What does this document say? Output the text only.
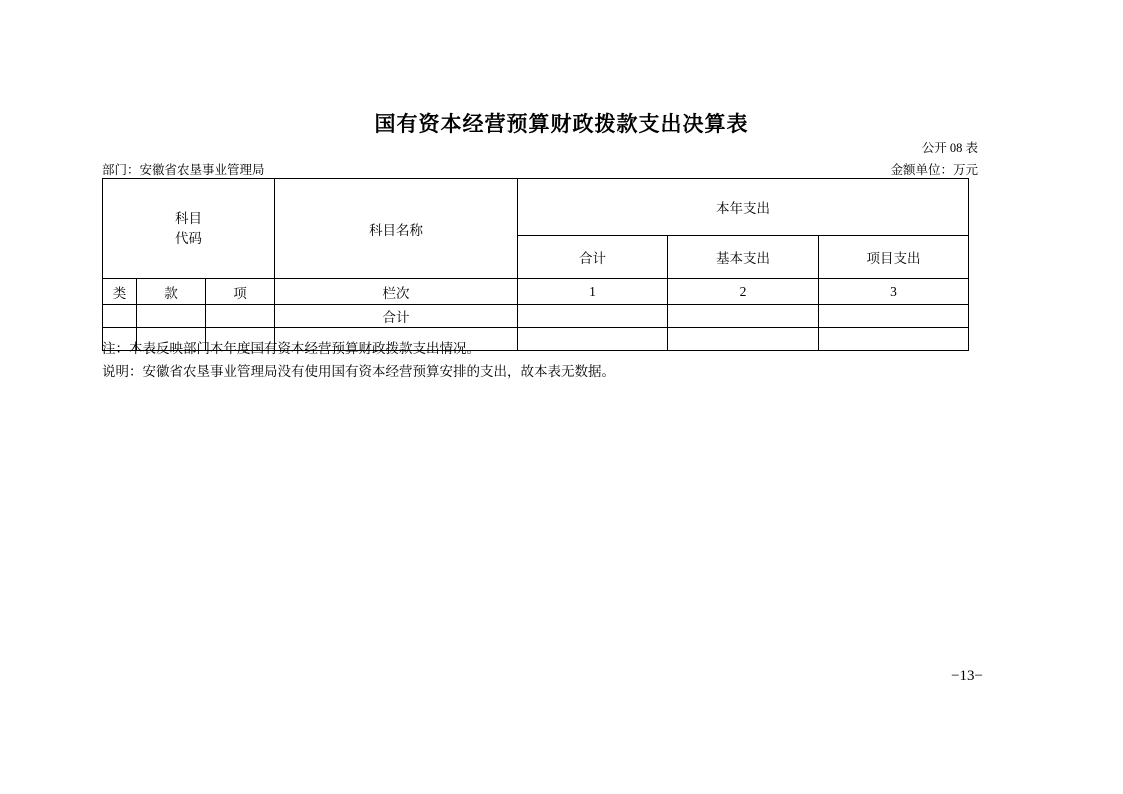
国有资本经营预算财政拨款支出决算表
公开 08 表
部门：安徽省农垦事业管理局	金额单位：万元
科目
代码			科目名称	本年支出		
				合计	基本支出	项目支出
类	款	项	栏次	1	2	3
			合计			

注：本表反映部门本年度国有资本经营预算财政拨款支出情况。
说明：安徽省农垦事业管理局没有使用国有资本经营预算安排的支出，故本表无数据。
−13−
